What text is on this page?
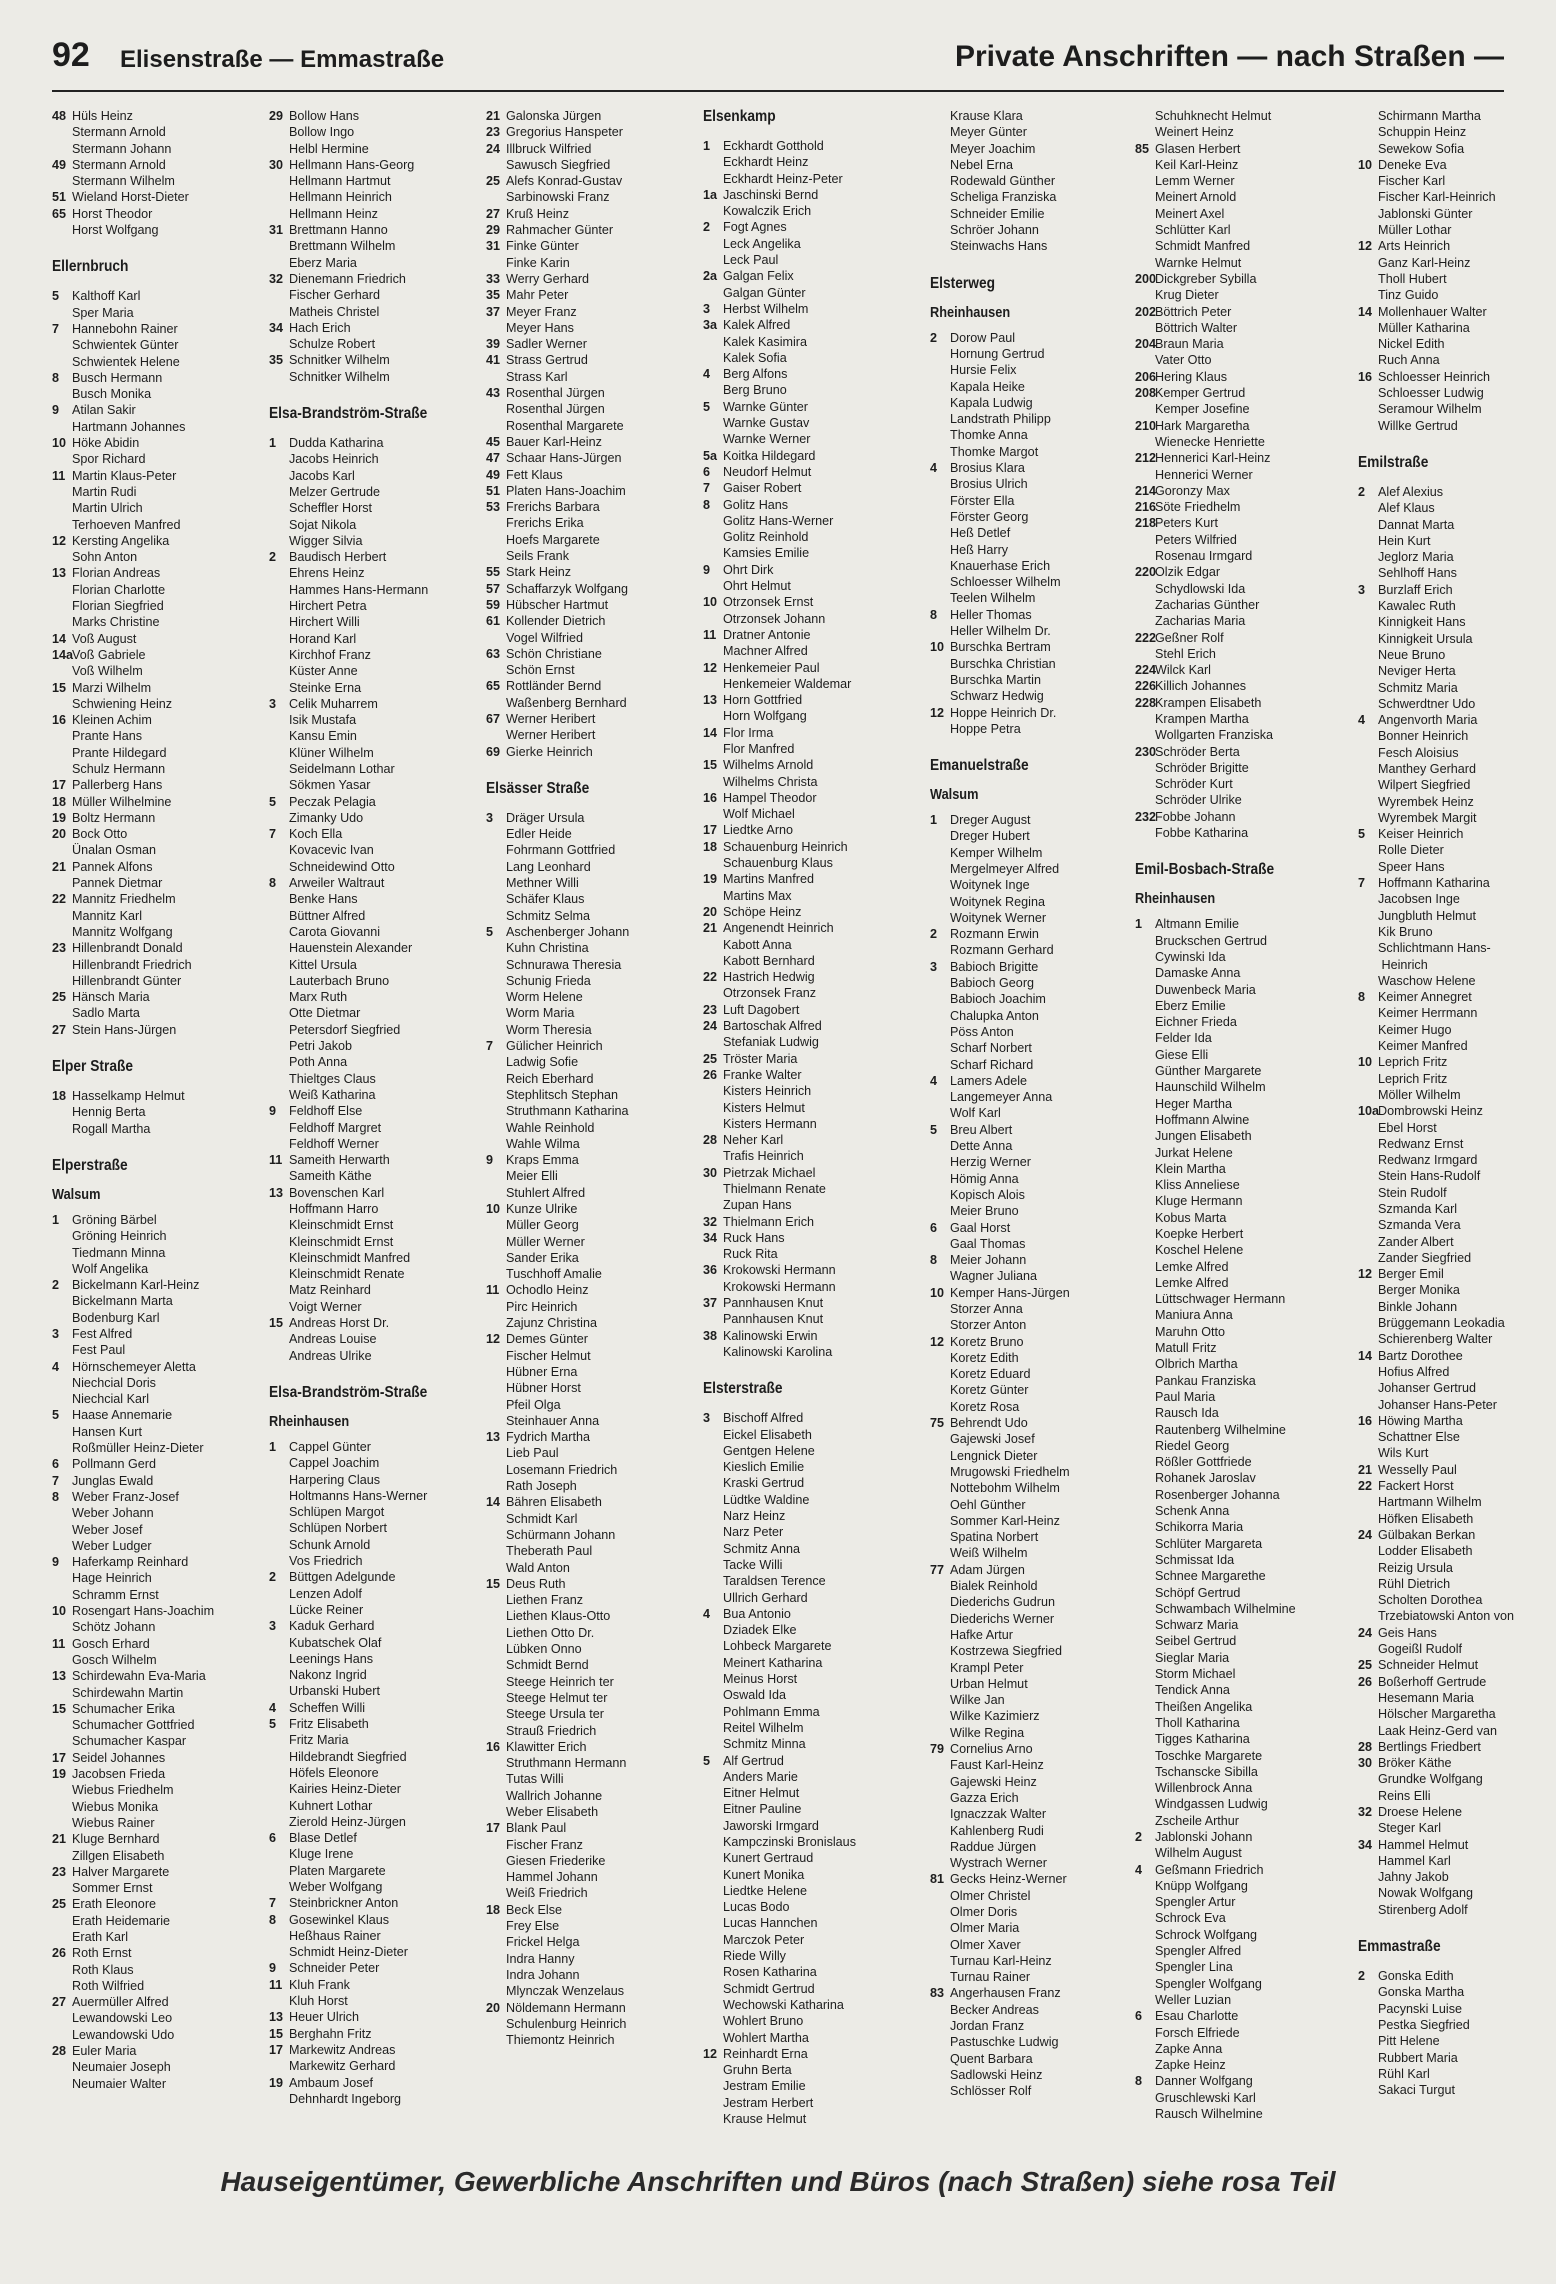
92 Elisenstraße — Emmastraße	Private Anschriften — nach Straßen —
48 Hüls Heinz
Stermann Arnold
Stermann Johann
49 Stermann Arnold
Stermann Wilhelm
51 Wieland Horst-Dieter
65 Horst Theodor
Horst Wolfgang
Ellernbruch
5 Kalthoff Karl
Sper Maria
7 Hannebohn Rainer
Schwientek Günter
Schwientek Helene
8 Busch Hermann
Busch Monika
9 Atilan Sakir
Hartmann Johannes
10 Höke Abidin
Spor Richard
11 Martin Klaus-Peter
Martin Rudi
Martin Ulrich
Terhoeven Manfred
12 Kersting Angelika
Sohn Anton
13 Florian Andreas
Florian Charlotte
Florian Siegfried
Marks Christine
14 Voß August
14aVoß Gabriele
Voß Wilhelm
15 Marzi Wilhelm
Schwiening Heinz
16 Kleinen Achim
Prante Hans
Prante Hildegard
Schulz Hermann
17 Pallerberg Hans
18 Müller Wilhelmine
19 Boltz Hermann
20 Bock Otto
Ünalan Osman
21 Pannek Alfons
Pannek Dietmar
22 Mannitz Friedhelm
Mannitz Karl
Mannitz Wolfgang
23 Hillenbrandt Donald
Hillenbrandt Friedrich
Hillenbrandt Günter
25 Hänsch Maria
Sadlo Marta
27 Stein Hans-Jürgen
Elper Straße
18 Hasselkamp Helmut
Hennig Berta
Rogall Martha
Elperstraße
Walsum
1 Gröning Bärbel
Gröning Heinrich
Tiedmann Minna
Wolf Angelika
2 Bickelmann Karl-Heinz
Bickelmann Marta
Bodenburg Karl
3 Fest Alfred
Fest Paul
4 Hörnschemeyer Aletta
Niechcial Doris
Niechcial Karl
5 Haase Annemarie
Hansen Kurt
Roßmüller Heinz-Dieter
6 Pollmann Gerd
7 Junglas Ewald
8 Weber Franz-Josef
Weber Johann
Weber Josef
Weber Ludger
9 Haferkamp Reinhard
Hage Heinrich
Schramm Ernst
10 Rosengart Hans-Joachim
Schötz Johann
11 Gosch Erhard
Gosch Wilhelm
13 Schirdewahn Eva-Maria
Schirdewahn Martin
15 Schumacher Erika
Schumacher Gottfried
Schumacher Kaspar
17 Seidel Johannes
19 Jacobsen Frieda
Wiebus Friedhelm
Wiebus Monika
Wiebus Rainer
21 Kluge Bernhard
Zillgen Elisabeth
23 Halver Margarete
Sommer Ernst
25 Erath Eleonore
Erath Heidemarie
Erath Karl
26 Roth Ernst
Roth Klaus
Roth Wilfried
27 Auermüller Alfred
Lewandowski Leo
Lewandowski Udo
28 Euler Maria
Neumaier Joseph
Neumaier Walter
29 Bollow Hans
Bollow Ingo
Helbl Hermine
30 Hellmann Hans-Georg
Hellmann Hartmut
Hellmann Heinrich
Hellmann Heinz
31 Brettmann Hanno
Brettmann Wilhelm
Eberz Maria
32 Dienemann Friedrich
Fischer Gerhard
Matheis Christel
34 Hach Erich
Schulze Robert
35 Schnitker Wilhelm
Schnitker Wilhelm
Elsa-Brandström-Straße
1 Dudda Katharina
Jacobs Heinrich
Jacobs Karl
Melzer Gertrude
Scheffler Horst
Sojat Nikola
Wigger Silvia
2 Baudisch Herbert
Ehrens Heinz
Hammes Hans-Hermann
Hirchert Petra
Hirchert Willi
Horand Karl
Kirchhof Franz
Küster Anne
Steinke Erna
3 Celik Muharrem
Isik Mustafa
Kansu Emin
Klüner Wilhelm
Seidelmann Lothar
Sökmen Yasar
5 Peczak Pelagia
Zimanky Udo
7 Koch Ella
Kovacevic Ivan
Schneidewind Otto
8 Arweiler Waltraut
Benke Hans
Büttner Alfred
Carota Giovanni
Hauenstein Alexander
Kittel Ursula
Lauterbach Bruno
Marx Ruth
Otte Dietmar
Petersdorf Siegfried
Petri Jakob
Poth Anna
Thieltges Claus
Weiß Katharina
9 Feldhoff Else
Feldhoff Margret
Feldhoff Werner
11 Sameith Herwarth
Sameith Käthe
13 Bovenschen Karl
Hoffmann Harro
Kleinschmidt Ernst
Kleinschmidt Ernst
Kleinschmidt Manfred
Kleinschmidt Renate
Matz Reinhard
Voigt Werner
15 Andreas Horst Dr.
Andreas Louise
Andreas Ulrike
Elsa-Brandström-Straße
Rheinhausen
1 Cappel Günter
Cappel Joachim
Harpering Claus
Holtmanns Hans-Werner
Schlüpen Margot
Schlüpen Norbert
Schunk Arnold
Vos Friedrich
2 Büttgen Adelgunde
Lenzen Adolf
Lücke Reiner
3 Kaduk Gerhard
Kubatschek Olaf
Leenings Hans
Nakonz Ingrid
Urbanski Hubert
4 Scheffen Willi
5 Fritz Elisabeth
Fritz Maria
Hildebrandt Siegfried
Höfels Eleonore
Kairies Heinz-Dieter
Kuhnert Lothar
Zierold Heinz-Jürgen
6 Blase Detlef
Kluge Irene
Platen Margarete
Weber Wolfgang
7 Steinbrickner Anton
8 Gosewinkel Klaus
Heßhaus Rainer
Schmidt Heinz-Dieter
9 Schneider Peter
11 Kluh Frank
Kluh Horst
13 Heuer Ulrich
15 Berghahn Fritz
17 Markewitz Andreas
Markewitz Gerhard
19 Ambaum Josef
Dehnhardt Ingeborg
21 Galonska Jürgen
23 Gregorius Hanspeter
24 Illbruck Wilfried
Sawusch Siegfried
25 Alefs Konrad-Gustav
Sarbinowski Franz
27 Kruß Heinz
29 Rahmacher Günter
31 Finke Günter
Finke Karin
33 Werry Gerhard
35 Mahr Peter
37 Meyer Franz
Meyer Hans
39 Sadler Werner
41 Strass Gertrud
Strass Karl
43 Rosenthal Jürgen
Rosenthal Jürgen
Rosenthal Margarete
45 Bauer Karl-Heinz
47 Schaar Hans-Jürgen
49 Fett Klaus
51 Platen Hans-Joachim
53 Frerichs Barbara
Frerichs Erika
Hoefs Margarete
Seils Frank
55 Stark Heinz
57 Schaffarzyk Wolfgang
59 Hübscher Hartmut
61 Kollender Dietrich
Vogel Wilfried
63 Schön Christiane
Schön Ernst
65 Rottländer Bernd
Waßenberg Bernhard
67 Werner Heribert
Werner Heribert
69 Gierke Heinrich
Elsässer Straße
3 Dräger Ursula
Edler Heide
Fohrmann Gottfried
Lang Leonhard
Methner Willi
Schäfer Klaus
Schmitz Selma
5 Aschenberger Johann
Kuhn Christina
Schnurawa Theresia
Schunig Frieda
Worm Helene
Worm Maria
Worm Theresia
7 Gülicher Heinrich
Ladwig Sofie
Reich Eberhard
Stephlitsch Stephan
Struthmann Katharina
Wahle Reinhold
Wahle Wilma
9 Kraps Emma
Meier Elli
Stuhlert Alfred
10 Kunze Ulrike
Müller Georg
Müller Werner
Sander Erika
Tuschhoff Amalie
11 Ochodlo Heinz
Pirc Heinrich
Zajunz Christina
12 Demes Günter
Fischer Helmut
Hübner Erna
Hübner Horst
Pfeil Olga
Steinhauer Anna
13 Fydrich Martha
Lieb Paul
Losemann Friedrich
Rath Joseph
14 Bähren Elisabeth
Schmidt Karl
Schürmann Johann
Theberath Paul
Wald Anton
15 Deus Ruth
Liethen Franz
Liethen Klaus-Otto
Liethen Otto Dr.
Lübken Onno
Schmidt Bernd
Steege Heinrich ter
Steege Helmut ter
Steege Ursula ter
Strauß Friedrich
16 Klawitter Erich
Struthmann Hermann
Tutas Willi
Wallrich Johanne
Weber Elisabeth
17 Blank Paul
Fischer Franz
Giesen Friederike
Hammel Johann
Weiß Friedrich
18 Beck Else
Frey Else
Frickel Helga
Indra Hanny
Indra Johann
Mlynczak Wenzelaus
20 Nöldemann Hermann
Schulenburg Heinrich
Thiemontz Heinrich
Elsenkamp
1 Eckhardt Gotthold
Eckhardt Heinz
Eckhardt Heinz-Peter
1a Jaschinski Bernd
Kowalczik Erich
2 Fogt Agnes
Leck Angelika
Leck Paul
2a Galgan Felix
Galgan Günter
3 Herbst Wilhelm
3a Kalek Alfred
Kalek Kasimira
Kalek Sofia
4 Berg Alfons
Berg Bruno
5 Warnke Günter
Warnke Gustav
Warnke Werner
5a Koitka Hildegard
6 Neudorf Helmut
7 Gaiser Robert
8 Golitz Hans
Golitz Hans-Werner
Golitz Reinhold
Kamsies Emilie
9 Ohrt Dirk
Ohrt Helmut
10 Otrzonsek Ernst
Otrzonsek Johann
11 Dratner Antonie
Machner Alfred
12 Henkemeier Paul
Henkemeier Waldemar
13 Horn Gottfried
Horn Wolfgang
14 Flor Irma
Flor Manfred
15 Wilhelms Arnold
Wilhelms Christa
16 Hampel Theodor
Wolf Michael
17 Liedtke Arno
18 Schauenburg Heinrich
Schauenburg Klaus
19 Martins Manfred
Martins Max
20 Schöpe Heinz
21 Angenendt Heinrich
Kabott Anna
Kabott Bernhard
22 Hastrich Hedwig
Otrzonsek Franz
23 Luft Dagobert
24 Bartoschak Alfred
Stefaniak Ludwig
25 Tröster Maria
26 Franke Walter
Kisters Heinrich
Kisters Helmut
Kisters Hermann
28 Neher Karl
Trafis Heinrich
30 Pietrzak Michael
Thielmann Renate
Zupan Hans
32 Thielmann Erich
34 Ruck Hans
Ruck Rita
36 Krokowski Hermann
Krokowski Hermann
37 Pannhausen Knut
Pannhausen Knut
38 Kalinowski Erwin
Kalinowski Karolina
Elsterstraße
3 Bischoff Alfred
Eickel Elisabeth
Gentgen Helene
Kieslich Emilie
Kraski Gertrud
Lüdtke Waldine
Narz Heinz
Narz Peter
Schmitz Anna
Tacke Willi
Taraldsen Terence
Ullrich Gerhard
4 Bua Antonio
Dziadek Elke
Lohbeck Margarete
Meinert Katharina
Meinus Horst
Oswald Ida
Pohlmann Emma
Reitel Wilhelm
Schmitz Minna
5 Alf Gertrud
Anders Marie
Eitner Helmut
Eitner Pauline
Jaworski Irmgard
Kampczinski Bronislaus
Kunert Gertraud
Kunert Monika
Liedtke Helene
Lucas Bodo
Lucas Hannchen
Marczok Peter
Riede Willy
Rosen Katharina
Schmidt Gertrud
Wechowski Katharina
Wohlert Bruno
Wohlert Martha
12 Reinhardt Erna
Gruhn Berta
Jestram Emilie
Jestram Herbert
Krause Helmut
Krause Klara
Meyer Günter
Meyer Joachim
Nebel Erna
Rodewald Günther
Scheliga Franziska
Schneider Emilie
Schröer Johann
Steinwachs Hans
Elsterweg
Rheinhausen
2 Dorow Paul
Hornung Gertrud
Hursie Felix
Kapala Heike
Kapala Ludwig
Landstrath Philipp
Thomke Anna
Thomke Margot
4 Brosius Klara
Brosius Ulrich
Förster Ella
Förster Georg
Heß Detlef
Heß Harry
Knauerhase Erich
Schloesser Wilhelm
Teelen Wilhelm
8 Heller Thomas
Heller Wilhelm Dr.
10 Burschka Bertram
Burschka Christian
Burschka Martin
Schwarz Hedwig
12 Hoppe Heinrich Dr.
Hoppe Petra
Emanuelstraße
Walsum
1 Dreger August
Dreger Hubert
Kemper Wilhelm
Mergelmeyer Alfred
Woitynek Inge
Woitynek Regina
Woitynek Werner
2 Rozmann Erwin
Rozmann Gerhard
3 Babioch Brigitte
Babioch Georg
Babioch Joachim
Chalupka Anton
Pöss Anton
Scharf Norbert
Scharf Richard
4 Lamers Adele
Langemeyer Anna
Wolf Karl
5 Breu Albert
Dette Anna
Herzig Werner
Hömig Anna
Kopisch Alois
Meier Bruno
6 Gaal Horst
Gaal Thomas
8 Meier Johann
Wagner Juliana
10 Kemper Hans-Jürgen
Storzer Anna
Storzer Anton
12 Koretz Bruno
Koretz Edith
Koretz Eduard
Koretz Günter
Koretz Rosa
75 Behrendt Udo
Gajewski Josef
Lengnick Dieter
Mrugowski Friedhelm
Nottebohm Wilhelm
Oehl Günther
Sommer Karl-Heinz
Spatina Norbert
Weiß Wilhelm
77 Adam Jürgen
Bialek Reinhold
Diederichs Gudrun
Diederichs Werner
Hafke Artur
Kostrzewa Siegfried
Krampl Peter
Urban Helmut
Wilke Jan
Wilke Kazimierz
Wilke Regina
79 Cornelius Arno
Faust Karl-Heinz
Gajewski Heinz
Gazza Erich
Ignaczzak Walter
Kahlenberg Rudi
Raddue Jürgen
Wystrach Werner
81 Gecks Heinz-Werner
Olmer Christel
Olmer Doris
Olmer Maria
Olmer Xaver
Turnau Karl-Heinz
Turnau Rainer
83 Angerhausen Franz
Becker Andreas
Jordan Franz
Pastuschke Ludwig
Quent Barbara
Sadlowski Heinz
Schlösser Rolf
Schuhknecht Helmut
Weinert Heinz
85 Glasen Herbert
Keil Karl-Heinz
Lemm Werner
Meinert Arnold
Meinert Axel
Schlütter Karl
Schmidt Manfred
Warnke Helmut
200Dickgreber Sybilla
Krug Dieter
202Böttrich Peter
Böttrich Walter
204Braun Maria
Vater Otto
206Hering Klaus
208Kemper Gertrud
Kemper Josefine
210Hark Margaretha
Wienecke Henriette
212Hennerici Karl-Heinz
Hennerici Werner
214Goronzy Max
216Söte Friedhelm
218Peters Kurt
Peters Wilfried
Rosenau Irmgard
220Olzik Edgar
Schydlowski Ida
Zacharias Günther
Zacharias Maria
222Geßner Rolf
Stehl Erich
224Wilck Karl
226Killich Johannes
228Krampen Elisabeth
Krampen Martha
Wollgarten Franziska
230Schröder Berta
Schröder Brigitte
Schröder Kurt
Schröder Ulrike
232Fobbe Johann
Fobbe Katharina
Emil-Bosbach-Straße
Rheinhausen
1 Altmann Emilie
Bruckschen Gertrud
Cywinski Ida
Damaske Anna
Duwenbeck Maria
Eberz Emilie
Eichner Frieda
Felder Ida
Giese Elli
Günther Margarete
Haunschild Wilhelm
Heger Martha
Hoffmann Alwine
Jungen Elisabeth
Jurkat Helene
Klein Martha
Kliss Anneliese
Kluge Hermann
Kobus Marta
Koepke Herbert
Koschel Helene
Lemke Alfred
Lemke Alfred
Lüttschwager Hermann
Maniura Anna
Maruhn Otto
Matull Fritz
Olbrich Martha
Pankau Franziska
Paul Maria
Rausch Ida
Rautenberg Wilhelmine
Riedel Georg
Rößler Gottfriede
Rohanek Jaroslav
Rosenberger Johanna
Schenk Anna
Schikorra Maria
Schlüter Margareta
Schmissat Ida
Schnee Margarethe
Schöpf Gertrud
Schwambach Wilhelmine
Schwarz Maria
Seibel Gertrud
Sieglar Maria
Storm Michael
Tendick Anna
Theißen Angelika
Tholl Katharina
Tigges Katharina
Toschke Margarete
Tschanscke Sibilla
Willenbrock Anna
Windgassen Ludwig
Zscheile Arthur
2 Jablonski Johann
Wilhelm August
4 Geßmann Friedrich
Knüpp Wolfgang
Spengler Artur
Schrock Eva
Schrock Wolfgang
Spengler Alfred
Spengler Lina
Spengler Wolfgang
Weller Luzian
6 Esau Charlotte
Forsch Elfriede
Zapke Anna
Zapke Heinz
8 Danner Wolfgang
Gruschlewski Karl
Rausch Wilhelmine
Schirmann Martha
Schuppin Heinz
Sewekow Sofia
10 Deneke Eva
Fischer Karl
Fischer Karl-Heinrich
Jablonski Günter
Müller Lothar
12 Arts Heinrich
Ganz Karl-Heinz
Tholl Hubert
Tinz Guido
14 Mollenhauer Walter
Müller Katharina
Nickel Edith
Ruch Anna
16 Schloesser Heinrich
Schloesser Ludwig
Seramour Wilhelm
Willke Gertrud
Emilstraße
2 Alef Alexius
Alef Klaus
Dannat Marta
Hein Kurt
Jeglorz Maria
Sehlhoff Hans
3 Burzlaff Erich
Kawalec Ruth
Kinnigkeit Hans
Kinnigkeit Ursula
Neue Bruno
Neviger Herta
Schmitz Maria
Schwerdtner Udo
4 Angenvorth Maria
Bonner Heinrich
Fesch Aloisius
Manthey Gerhard
Wilpert Siegfried
Wyrembek Heinz
Wyrembek Margit
5 Keiser Heinrich
Rolle Dieter
Speer Hans
7 Hoffmann Katharina
Jacobsen Inge
Jungbluth Helmut
Kik Bruno
Schlichtmann Hans-
Heinrich
Waschow Helene
8 Keimer Annegret
Keimer Herrmann
Keimer Hugo
Keimer Manfred
10 Leprich Fritz
Leprich Fritz
Möller Wilhelm
10aDombrowski Heinz
Ebel Horst
Redwanz Ernst
Redwanz Irmgard
Stein Hans-Rudolf
Stein Rudolf
Szmanda Karl
Szmanda Vera
Zander Albert
Zander Siegfried
12 Berger Emil
Berger Monika
Binkle Johann
Brüggemann Leokadia
Schierenberg Walter
14 Bartz Dorothee
Hofius Alfred
Johanser Gertrud
Johanser Hans-Peter
16 Höwing Martha
Schattner Else
Wils Kurt
21 Wesselly Paul
22 Fackert Horst
Hartmann Wilhelm
Höfken Elisabeth
24 Gülbakan Berkan
Lodder Elisabeth
Reizig Ursula
Rühl Dietrich
Scholten Dorothea
Trzebiatowski Anton von
24 Geis Hans
Gogeißl Rudolf
25 Schneider Helmut
26 Boßerhoff Gertrude
Hesemann Maria
Hölscher Margaretha
Laak Heinz-Gerd van
28 Bertlings Friedbert
30 Bröker Käthe
Grundke Wolfgang
Reins Elli
32 Droese Helene
Steger Karl
34 Hammel Helmut
Hammel Karl
Jahny Jakob
Nowak Wolfgang
Stirenberg Adolf
Emmastraße
2 Gonska Edith
Gonska Martha
Pacynski Luise
Pestka Siegfried
Pitt Helene
Rubbert Maria
Rühl Karl
Sakaci Turgut
Hauseigentümer, Gewerbliche Anschriften und Büros (nach Straßen) siehe rosa Teil
